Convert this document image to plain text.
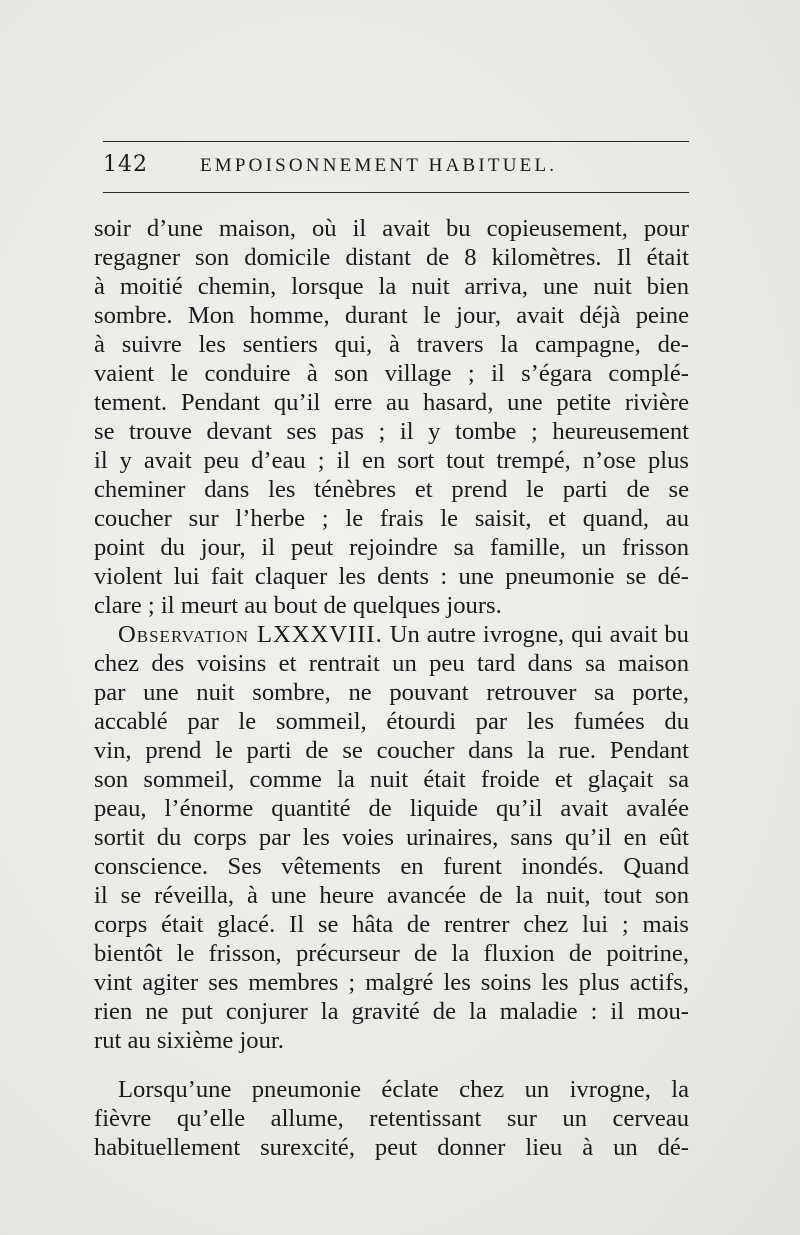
142	EMPOISONNEMENT HABITUEL.
soir d’une maison, où il avait bu copieusement, pour
regagner son domicile distant de 8 kilomètres. Il était
à moitié chemin, lorsque la nuit arriva, une nuit bien
sombre. Mon homme, durant le jour, avait déjà peine
à suivre les sentiers qui, à travers la campagne, de-
vaient le conduire à son village ; il s’égara complé-
tement. Pendant qu’il erre au hasard, une petite rivière
se trouve devant ses pas ; il y tombe ; heureusement
il y avait peu d’eau ; il en sort tout trempé, n’ose plus
cheminer dans les ténèbres et prend le parti de se
coucher sur l’herbe ; le frais le saisit, et quand, au
point du jour, il peut rejoindre sa famille, un frisson
violent lui fait claquer les dents : une pneumonie se dé-
clare ; il meurt au bout de quelques jours.
Observation LXXXVIII. Un autre ivrogne, qui avait bu
chez des voisins et rentrait un peu tard dans sa maison
par une nuit sombre, ne pouvant retrouver sa porte,
accablé par le sommeil, étourdi par les fumées du
vin, prend le parti de se coucher dans la rue. Pendant
son sommeil, comme la nuit était froide et glaçait sa
peau, l’énorme quantité de liquide qu’il avait avalée
sortit du corps par les voies urinaires, sans qu’il en eût
conscience. Ses vêtements en furent inondés. Quand
il se réveilla, à une heure avancée de la nuit, tout son
corps était glacé. Il se hâta de rentrer chez lui ; mais
bientôt le frisson, précurseur de la fluxion de poitrine,
vint agiter ses membres ; malgré les soins les plus actifs,
rien ne put conjurer la gravité de la maladie : il mou-
rut au sixième jour.
Lorsqu’une pneumonie éclate chez un ivrogne, la
fièvre qu’elle allume, retentissant sur un cerveau
habituellement surexcité, peut donner lieu à un dé-
